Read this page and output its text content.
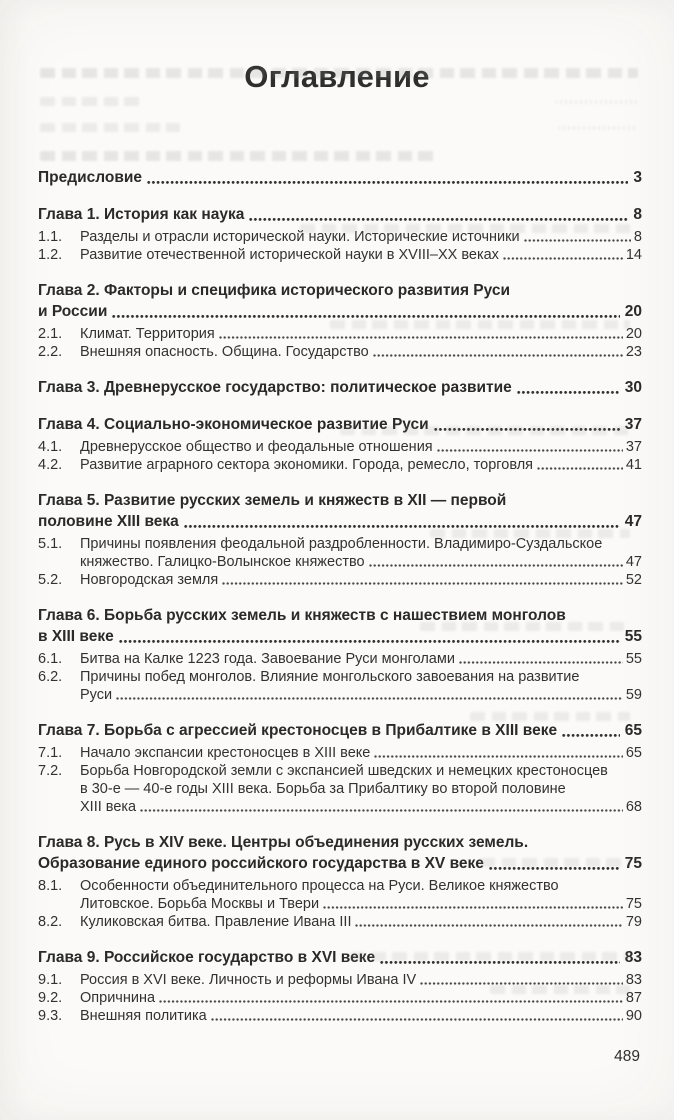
Оглавление
Предисловие	3
Глава 1. История как наука	8
1.1.	Разделы и отрасли исторической науки. Исторические источники	8
1.2.	Развитие отечественной исторической науки в XVIII–XX веках	14
Глава 2. Факторы и специфика исторического развития Руси
и России	20
2.1.	Климат. Территория	20
2.2.	Внешняя опасность. Община. Государство	23
Глава 3. Древнерусское государство: политическое развитие	30
Глава 4. Социально-экономическое развитие Руси	37
4.1.	Древнерусское общество и феодальные отношения	37
4.2.	Развитие аграрного сектора экономики. Города, ремесло, торговля	41
Глава 5. Развитие русских земель и княжеств в XII — первой
половине XIII века	47
5.1.	Причины появления феодальной раздробленности. Владимиро-Суздальское
княжество. Галицко-Волынское княжество	47
5.2.	Новгородская земля	52
Глава 6. Борьба русских земель и княжеств с нашествием монголов
в XIII веке	55
6.1.	Битва на Калке 1223 года. Завоевание Руси монголами	55
6.2.	Причины побед монголов. Влияние монгольского завоевания на развитие
Руси	59
Глава 7. Борьба с агрессией крестоносцев в Прибалтике в XIII веке	65
7.1.	Начало экспансии крестоносцев в XIII веке	65
7.2.	Борьба Новгородской земли с экспансией шведских и немецких крестоносцев
в 30-е — 40-е годы XIII века. Борьба за Прибалтику во второй половине
XIII века	68
Глава 8. Русь в XIV веке. Центры объединения русских земель.
Образование единого российского государства в XV веке	75
8.1.	Особенности объединительного процесса на Руси. Великое княжество
Литовское. Борьба Москвы и Твери	75
8.2.	Куликовская битва. Правление Ивана III	79
Глава 9. Российское государство в XVI веке	83
9.1.	Россия в XVI веке. Личность и реформы Ивана IV	83
9.2.	Опричнина	87
9.3.	Внешняя политика	90
489
